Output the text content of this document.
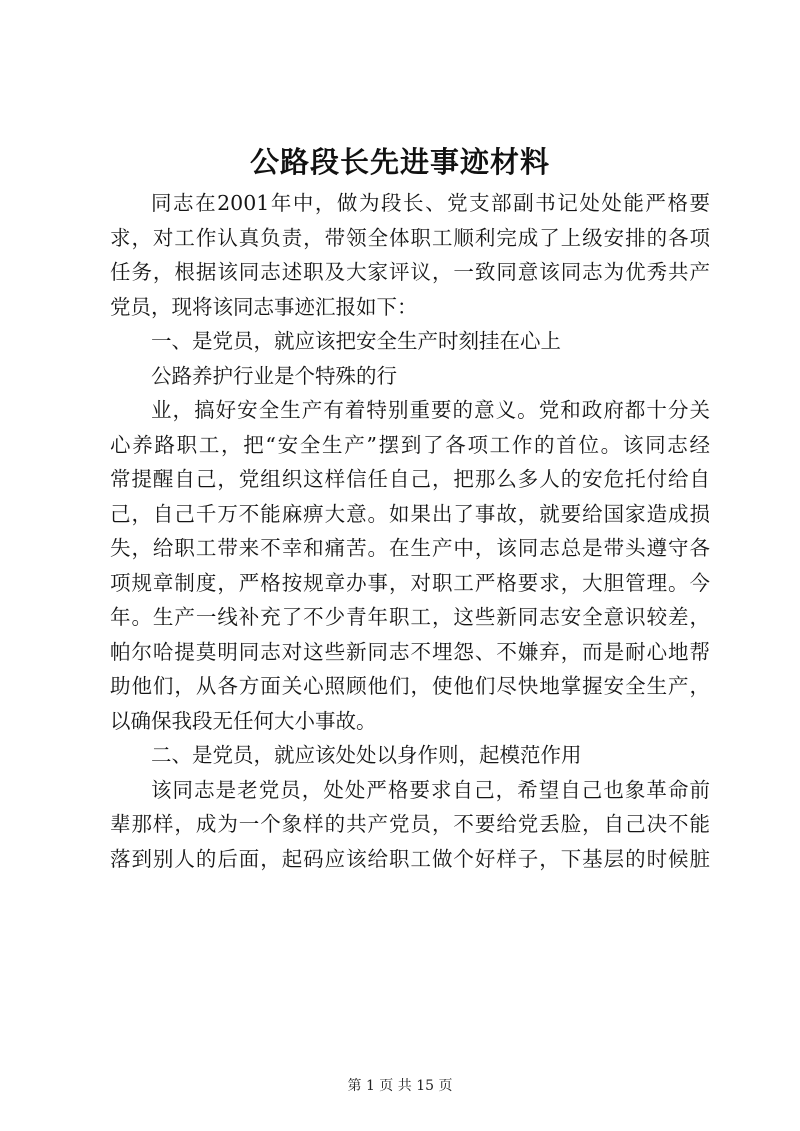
公路段长先进事迹材料
同志在2001年中，做为段长、党支部副书记处处能严格要
求，对工作认真负责，带领全体职工顺利完成了上级安排的各项
任务，根据该同志述职及大家评议，一致同意该同志为优秀共产
党员，现将该同志事迹汇报如下：
一、是党员，就应该把安全生产时刻挂在心上
公路养护行业是个特殊的行
业，搞好安全生产有着特别重要的意义。党和政府都十分关
心养路职工，把“安全生产”摆到了各项工作的首位。该同志经
常提醒自己，党组织这样信任自己，把那么多人的安危托付给自
己，自己千万不能麻痹大意。如果出了事故，就要给国家造成损
失，给职工带来不幸和痛苦。在生产中，该同志总是带头遵守各
项规章制度，严格按规章办事，对职工严格要求，大胆管理。今
年。生产一线补充了不少青年职工，这些新同志安全意识较差，
帕尔哈提莫明同志对这些新同志不埋怨、不嫌弃，而是耐心地帮
助他们，从各方面关心照顾他们，使他们尽快地掌握安全生产，
以确保我段无任何大小事故。
二、是党员，就应该处处以身作则，起模范作用
该同志是老党员，处处严格要求自己，希望自己也象革命前
辈那样，成为一个象样的共产党员，不要给党丢脸，自己决不能
落到别人的后面，起码应该给职工做个好样子，下基层的时候脏
第 1 页 共 15 页
